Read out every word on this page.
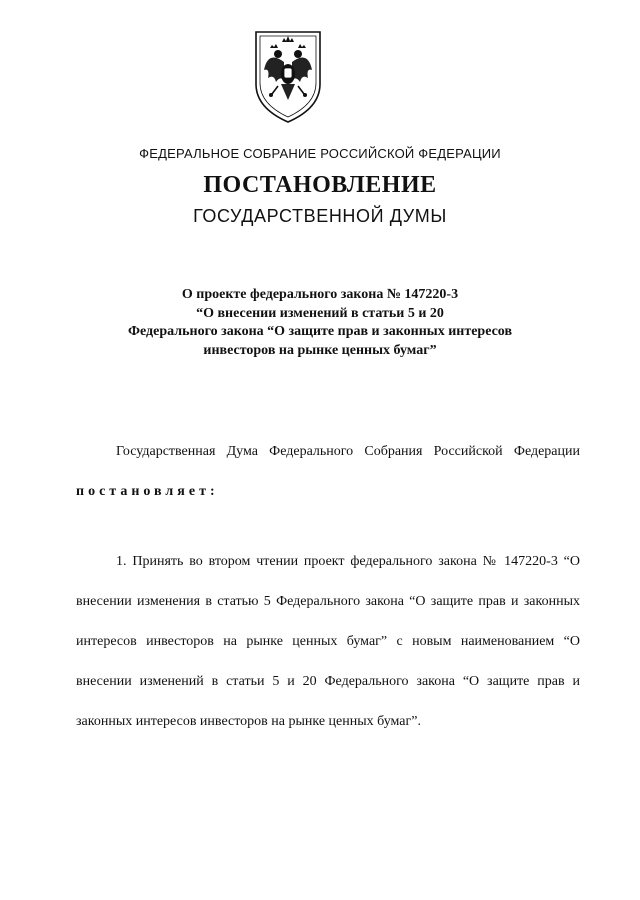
ФЕДЕРАЛЬНОЕ СОБРАНИЕ РОССИЙСКОЙ ФЕДЕРАЦИИ
ПОСТАНОВЛЕНИЕ
ГОСУДАРСТВЕННОЙ ДУМЫ
О проекте федерального закона № 147220-3
“О внесении изменений в статьи 5 и 20
Федерального закона “О защите прав и законных интересов
инвесторов на рынке ценных бумаг”
Государственная Дума Федерального Собрания Российской Федерации постановляет:
1. Принять во втором чтении проект федерального закона № 147220-3 “О внесении изменения в статью 5 Федерального закона “О защите прав и законных интересов инвесторов на рынке ценных бумаг” с новым наименованием “О внесении изменений в статьи 5 и 20 Федерального закона “О защите прав и законных интересов инвесторов на рынке ценных бумаг”.
